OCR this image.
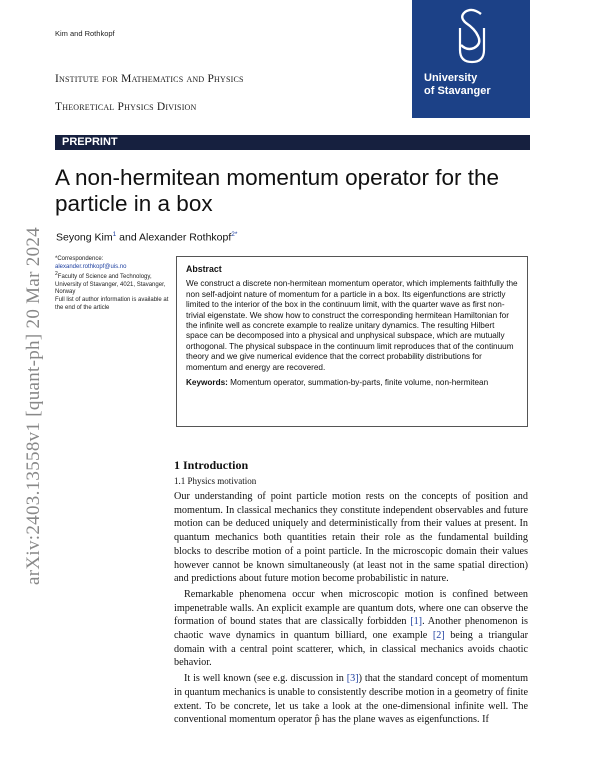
Kim and Rothkopf
University
of Stavanger
Institute for Mathematics and Physics
Theoretical Physics Division
PREPRINT
A non-hermitean momentum operator for the particle in a box
Seyong Kim$^1$ and Alexander Rothkopf$^{2*}$
*Correspondence:
alexander.rothkopf@uis.no
$^2$Faculty of Science and Technology, University of Stavanger, 4021, Stavanger, Norway
Full list of author information is available at the end of the article
Abstract

We construct a discrete non-hermitean momentum operator, which implements faithfully the non self-adjoint nature of momentum for a particle in a box. Its eigenfunctions are strictly limited to the interior of the box in the continuum limit, with the quarter wave as first non-trivial eigenstate. We show how to construct the corresponding hermitean Hamiltonian for the infinite well as concrete example to realize unitary dynamics. The resulting Hilbert space can be decomposed into a physical and unphysical subspace, which are mutually orthogonal. The physical subspace in the continuum limit reproduces that of the continuum theory and we give numerical evidence that the correct probability distributions for momentum and energy are recovered.

Keywords: Momentum operator, summation-by-parts, finite volume, non-hermitean
arXiv:2403.13558v1 [quant-ph] 20 Mar 2024	1 Introduction
1.1 Physics motivation

Our understanding of point particle motion rests on the concepts of position and momentum. In classical mechanics they constitute independent observables and future motion can be deduced uniquely and deterministically from their values at present. In quantum mechanics both quantities retain their role as the fundamental building blocks to describe motion of a point particle. In the microscopic domain their values however cannot be known simultaneously (at least not in the same spatial direction) and predictions about future motion become probabilistic in nature.

Remarkable phenomena occur when microscopic motion is confined between impenetrable walls. An explicit example are quantum dots, where one can observe the formation of bound states that are classically forbidden [1]. Another phenomenon is chaotic wave dynamics in quantum billiard, one example [2] being a triangular domain with a central point scatterer, which, in classical mechanics avoids chaotic behavior.

It is well known (see e.g. discussion in [3]) that the standard concept of momentum in quantum mechanics is unable to consistently describe motion in a geometry of finite extent. To be concrete, let us take a look at the one-dimensional infinite well. The conventional momentum operator p̂ has the plane waves as eigenfunctions. If
